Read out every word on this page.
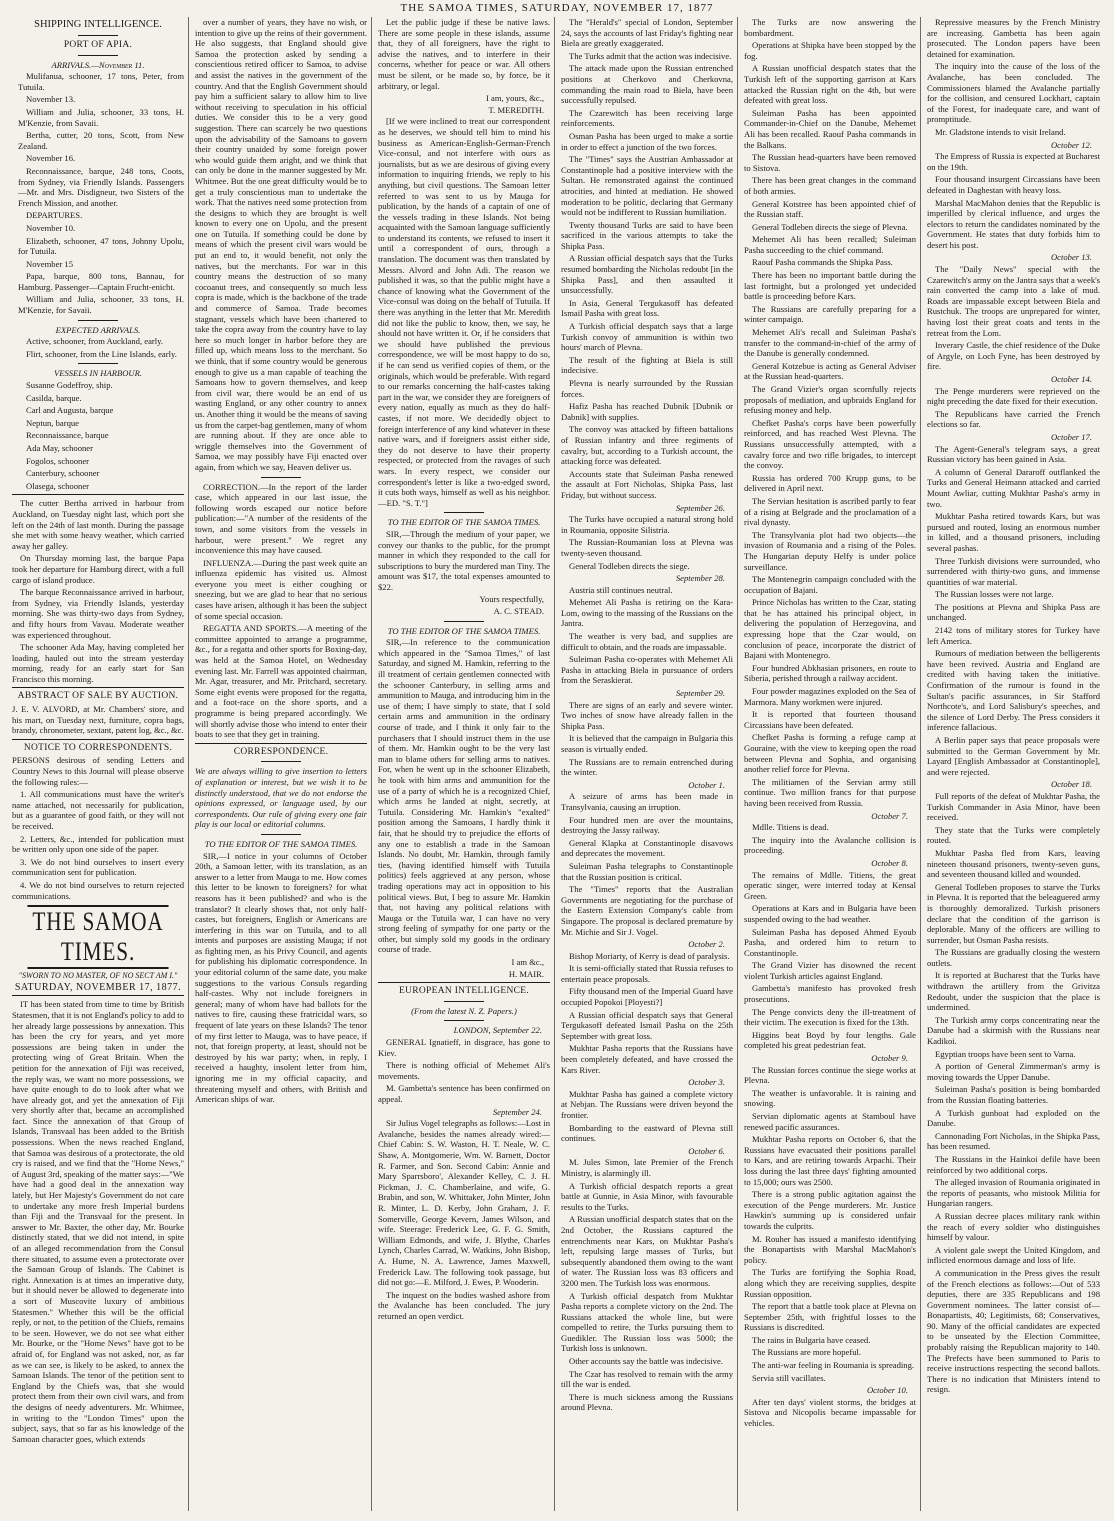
THE SAMOA TIMES, SATURDAY, NOVEMBER 17, 1877
SHIPPING INTELLIGENCE.
PORT OF APIA.
ARRIVALS.—November 11.

Mulifanua, schooner, 17 tons, Peter, from Tutuila.

November 13.

William and Julia, schooner, 33 tons, H. M'Kenzie, from Savaii.

Bertha, cutter, 20 tons, Scott, from New Zealand.

November 16.

Reconnaissance, barque, 248 tons, Coots, from Sydney, via Friendly Islands. Passengers—Mr. and Mrs. Disdigneur, two Sisters of the French Mission, and another.

DEPARTURES.

November 10.

Elizabeth, schooner, 47 tons, Johnny Upolu, for Tutuila.

November 15

Papa, barque, 800 tons, Bannau, for Hamburg. Passenger—Captain Frucht-enicht.

William and Julia, schooner, 33 tons, H. M'Kenzie, for Savaii.

EXPECTED ARRIVALS.

Active, schooner, from Auckland, early.

Flirt, schooner, from the Line Islands, early.

VESSELS IN HARBOUR.

Susanne Godeffroy, ship.

Casilda, barque.

Carl and Augusta, barque

Neptun, barque

Reconnaissance, barque

Ada May, schooner

Fogolos, schooner

Canterbury, schooner

Olasega, schooner

The cutter Bertha arrived in harbour from Auckland, on Tuesday night last, which port she left on the 24th of last month. During the passage she met with some heavy weather, which carried away her galley.

On Thursday morning last, the barque Papa took her departure for Hamburg direct, with a full cargo of island produce.

The barque Reconnaissance arrived in harbour, from Sydney, via Friendly Islands, yesterday morning. She was thirty-two days from Sydney, and fifty hours from Vavau. Moderate weather was experienced throughout.

The schooner Ada May, having completed her loading, hauled out into the stream yesterday morning, ready for an early start for San Francisco this morning.

ABSTRACT OF SALE BY AUCTION.

J. E. V. ALVORD, at Mr. Chambers' store, and his mart, on Tuesday next, furniture, copra bags, brandy, chronometer, sextant, patent log, &c., &c.

NOTICE TO CORRESPONDENTS.

PERSONS desirous of sending Letters and Country News to this Journal will please observe the following rules:—

1. All communications must have the writer's name attached, not necessarily for publication, but as a guarantee of good faith, or they will not be received.

2. Letters, &c., intended for publication must be written only upon one side of the paper.

3. We do not bind ourselves to insert every communication sent for publication.

4. We do not bind ourselves to return rejected communications.

THE SAMOA TIMES.
"SWORN TO NO MASTER, OF NO SECT AM I."
SATURDAY, NOVEMBER 17, 1877.

IT has been stated from time to time by British Statesmen, that it is not England's policy to add to her already large possessions by annexation. This has been the cry for years, and yet more possessions are being taken in under the protecting wing of Great Britain. When the petition for the annexation of Fiji was received, the reply was, we want no more possessions, we have quite enough to do to look after what we have already got, and yet the annexation of Fiji very shortly after that, became an accomplished fact. Since the annexation of that Group of Islands, Transvaal has been added to the British possessions. When the news reached England, that Samoa was desirous of a protectorate, the old cry is raised, and we find that the "Home News," of August 3rd, speaking of the matter says:—"We have had a good deal in the annexation way lately, but Her Majesty's Government do not care to undertake any more fresh Imperial burdens than Fiji and the Transvaal for the present. In answer to Mr. Baxter, the other day, Mr. Bourke distinctly stated, that we did not intend, in spite of an alleged recommendation from the Consul there situated, to assume even a protectorate over the Samoan Group of Islands. The Cabinet is right. Annexation is at times an imperative duty, but it should never be allowed to degenerate into a sort of Muscovite luxury of ambitious Statesmen." Whether this will be the official reply, or not, to the petition of the Chiefs, remains to be seen. However, we do not see what either Mr. Bourke, or the "Home News" have got to be afraid of, for England was not asked, nor, as far as we can see, is likely to be asked, to annex the Samoan Islands. The tenor of the petition sent to England by the Chiefs was, that she would protect them from their own civil wars, and from the designs of needy adventurers. Mr. Whitmee, in writing to the "London Times" upon the subject, says, that so far as his knowledge of the Samoan character goes, which extends

over a number of years, they have no wish, or intention to give up the reins of their government. He also suggests, that England should give Samoa the protection asked by sending a conscientious retired officer to Samoa, to advise and assist the natives in the government of the country. And that the English Government should pay him a sufficient salary to allow him to live without receiving to speculation in his official duties. We consider this to be a very good suggestion. There can scarcely be two questions upon the advisability of the Samoans to govern their country unaided by some foreign power who would guide them aright, and we think that can only be done in the manner suggested by Mr. Whitmee. But the one great difficulty would be to get a truly conscientious man to undertake the work. That the natives need some protection from the designs to which they are brought is well known to every one on Upolu, and the present one on Tutuila. If something could be done by means of which the present civil wars would be put an end to, it would benefit, not only the natives, but the merchants. For war in this country means the destruction of so many cocoanut trees, and consequently so much less copra is made, which is the backbone of the trade and commerce of Samoa. Trade becomes stagnant, vessels which have been chartered to take the copra away from the country have to lay here so much longer in harbor before they are filled up, which means loss to the merchant. So we think, that if some country would be generous enough to give us a man capable of teaching the Samoans how to govern themselves, and keep from civil war, there would be an end of us wasting England, or any other country to annex us. Another thing it would be the means of saving us from the carpet-bag gentlemen, many of whom are running about. If they are once able to wriggle themselves into the Government of Samoa, we may possibly have Fiji enacted over again, from which we say, Heaven deliver us.

CORRECTION.—In the report of the larder case, which appeared in our last issue, the following words escaped our notice before publication:—"A number of the residents of the town, and some visitors from the vessels in harbour, were present." We regret any inconvenience this may have caused.

INFLUENZA.—During the past week quite an influenza epidemic has visited us. Almost everyone you meet is either coughing or sneezing, but we are glad to hear that no serious cases have arisen, although it has been the subject of some special occasion.

REGATTA AND SPORTS.—A meeting of the committee appointed to arrange a programme, &c., for a regatta and other sports for Boxing-day, was held at the Samoa Hotel, on Wednesday evening last. Mr. Farrell was appointed chairman, Mr. Agar, treasurer, and Mr. Pritchard, secretary. Some eight events were proposed for the regatta, and a foot-race on the shore sports, and a programme is being prepared accordingly. We will shortly advise those who intend to enter their boats to see that they get in training.

CORRESPONDENCE.

We are always willing to give insertion to letters of explanation or interest, but we wish it to be distinctly understood, that we do not endorse the opinions expressed, or language used, by our correspondents. Our rule of giving every one fair play is our local or editorial columns.

TO THE EDITOR OF THE SAMOA TIMES.

SIR,—I notice in your columns of October 20th, a Samoan letter, with its translation, as an answer to a letter from Mauga to me. How comes this letter to be known to foreigners? for what reasons has it been published? and who is the translator? It clearly shows that, not only half-castes, but foreigners, English or Americans are interfering in this war on Tutuila, and to all intents and purposes are assisting Mauga; if not as fighting men, as his Privy Council, and agents for publishing his diplomatic correspondence. In your editorial column of the same date, you make suggestions to the various Consuls regarding half-castes. Why not include foreigners in general; many of whom have had ballots for the natives to fire, causing these fratricidal wars, so frequent of late years on these Islands? The tenor of my first letter to Mauga, was to have peace, if not, that foreign property, at least, should not be destroyed by his war party; when, in reply, I received a haughty, insolent letter from him, ignoring me in my official capacity, and threatening myself and others, with British and American ships of war.

Let the public judge if these be native laws. There are some people in these islands, assume that, they of all foreigners, have the right to advise the natives, and to interfere in their concerns, whether for peace or war. All others must be silent, or be made so, by force, be it arbitrary, or legal.

I am, yours, &c.,
T. MEREDITH.

[If we were inclined to treat our correspondent as he deserves, we should tell him to mind his business as American-English-German-French Vice-consul, and not interfere with ours as journalists, but as we are desirous of giving every information to inquiring friends, we reply to his anything, but civil questions. The Samoan letter referred to was sent to us by Mauga for publication, by the hands of a captain of one of the vessels trading in these Islands. Not being acquainted with the Samoan language sufficiently to understand its contents, we refused to insert it until a correspondent of ours, through a translation. The document was then translated by Messrs. Alvord and John Adi. The reason we published it was, so that the public might have a chance of knowing what the Government of the Vice-consul was doing on the behalf of Tutuila. If there was anything in the letter that Mr. Meredith did not like the public to know, then, we say, he should not have written it. Or, if he considers that we should have published the previous correspondence, we will be most happy to do so, if he can send us verified copies of them, or the originals, which would be preferable. With regard to our remarks concerning the half-castes taking part in the war, we consider they are foreigners of every nation, equally as much as they do half-castes, if not more. We decidedly object to foreign interference of any kind whatever in these native wars, and if foreigners assist either side, they do not deserve to have their property respected, or protected from the ravages of such wars. In every respect, we consider our correspondent's letter is like a two-edged sword, it cuts both ways, himself as well as his neighbor.—ED. "S. T."]

TO THE EDITOR OF THE SAMOA TIMES.

SIR,—Through the medium of your paper, we convey our thanks to the public, for the prompt manner in which they responded to the call for subscriptions to bury the murdered man Tiny. The amount was $17, the total expenses amounted to $22.

Yours respectfully,
A. C. STEAD.
TO THE EDITOR OF THE SAMOA TIMES.

SIR,—In reference to the communication which appeared in the "Samoa Times," of last Saturday, and signed M. Hamkin, referring to the ill treatment of certain gentlemen connected with the schooner Canterbury, in selling arms and ammunition to Mauga, and introducing him in the use of them; I have simply to state, that I sold certain arms and ammunition in the ordinary course of trade, and I think it only fair to the purchasers that I should instruct them in the use of them. Mr. Hamkin ought to be the very last man to blame others for selling arms to natives. For, when he went up in the schooner Elizabeth, he took with him arms and ammunition for the use of a party of which he is a recognized Chief, which arms he landed at night, secretly, at Tutuila. Considering Mr. Hamkin's "exalted" position among the Samoans, I hardly think it fair, that he should try to prejudice the efforts of any one to establish a trade in the Samoan Islands. No doubt, Mr. Hamkin, through family ties, (having identified himself with Tutuila politics) feels aggrieved at any person, whose trading operations may act in opposition to his political views. But, I beg to assure Mr. Hamkin that, not having any political relations with Mauga or the Tutuila war, I can have no very strong feeling of sympathy for one party or the other, but simply sold my goods in the ordinary course of trade.

I am &c.,
H. MAIR.
EUROPEAN INTELLIGENCE.
(From the latest N. Z. Papers.)
LONDON, September 22.

GENERAL Ignatieff, in disgrace, has gone to Kiev.

There is nothing official of Mehemet Ali's movements.

M. Gambetta's sentence has been confirmed on appeal.

September 24.

Sir Julius Vogel telegraphs as follows:—Lost in Avalanche, besides the names already wired:—Chief Cabin: S. W. Waston, H. T. Neale, W. C. Shaw, A. Montgomerie, Wm. W. Barnett, Doctor R. Farmer, and Son. Second Cabin: Annie and Mary Sparrsboro', Alexander Kelley, C. J. H. Pickman, J. C. Chamberlaine, and wife, G. Brabin, and son, W. Whittaker, John Minter, John R. Minter, L. D. Kerby, John Graham, J. F. Somerville, George Kevern, James Wilson, and wife. Steerage: Frederick Lee, G. F. G. Smith, William Edmonds, and wife, J. Blythe, Charles Lynch, Charles Carrad, W. Watkins, John Bishop, A. Hume, N. A. Lawrence, James Maxwell, Frederick Law. The following took passage, but did not go:—E. Milford, J. Ewes, P. Wooderin.

The inquest on the bodies washed ashore from the Avalanche has been concluded. The jury returned an open verdict.

The "Herald's" special of London, September 24, says the accounts of last Friday's fighting near Biela are greatly exaggerated.

The Turks admit that the action was indecisive.

The attack made upon the Russian entrenched positions at Cherkovo and Cherkovna, commanding the main road to Biela, have been successfully repulsed.

The Czarewitch has been receiving large reinforcements.

Osman Pasha has been urged to make a sortie in order to effect a junction of the two forces.

The "Times" says the Austrian Ambassador at Constantinople had a positive interview with the Sultan. He remonstrated against the continued atrocities, and hinted at mediation. He showed moderation to be politic, declaring that Germany would not be indifferent to Russian humiliation.

Twenty thousand Turks are said to have been sacrificed in the various attempts to take the Shipka Pass.

A Russian official despatch says that the Turks resumed bombarding the Nicholas redoubt [in the Shipka Pass], and then assaulted it unsuccessfully.

In Asia, General Tergukasoff has defeated Ismail Pasha with great loss.

A Turkish official despatch says that a large Turkish convoy of ammunition is within two hours' march of Plevna.

The result of the fighting at Biela is still indecisive.

Plevna is nearly surrounded by the Russian forces.

Hafiz Pasha has reached Dubnik [Dubnik or Dabnik] with supplies.

The convoy was attacked by fifteen battalions of Russian infantry and three regiments of cavalry, but, according to a Turkish account, the attacking force was defeated.

Accounts state that Suleiman Pasha renewed the assault at Fort Nicholas, Shipka Pass, last Friday, but without success.

September 26.

The Turks have occupied a natural strong hold in Roumania, opposite Silistria.

The Russian-Roumanian loss at Plevna was twenty-seven thousand.

General Todleben directs the siege.

September 28.

Austria still continues neutral.

Mehemet Ali Pasha is retiring on the Kara-Lom, owing to the massing of the Russians on the Jantra.

The weather is very bad, and supplies are difficult to obtain, and the roads are impassable.

Suleiman Pasha co-operates with Mehemet Ali Pasha in attacking Biela in pursuance of orders from the Seraskierat.

September 29.

There are signs of an early and severe winter. Two inches of snow have already fallen in the Shipka Pass.

It is believed that the campaign in Bulgaria this season is virtually ended.

The Russians are to remain entrenched during the winter.

October 1.

A seizure of arms has been made in Transylvania, causing an irruption.

Four hundred men are over the mountains, destroying the Jassy railway.

General Klapka at Constantinople disavows and deprecates the movement.

Suleiman Pasha telegraphs to Constantinople that the Russian position is critical.

The "Times" reports that the Australian Governments are negotiating for the purchase of the Eastern Extension Company's cable from Singapore. The proposal is declared premature by Mr. Michie and Sir J. Vogel.

October 2.

Bishop Moriarty, of Kerry is dead of paralysis.

It is semi-officially stated that Russia refuses to entertain peace proposals.

Fifty thousand men of the Imperial Guard have occupied Popokoi [Ployesti?]

A Russian official despatch says that General Tergukasoff defeated Ismail Pasha on the 25th September with great loss.

Mukhtar Pasha reports that the Russians have been completely defeated, and have crossed the Kars River.

October 3.

Mukhtar Pasha has gained a complete victory at Nebjan. The Russians were driven beyond the frontier.

Bombarding to the eastward of Plevna still continues.

October 6.

M. Jules Simon, late Premier of the French Ministry, is alarmingly ill.

A Turkish official despatch reports a great battle at Gunnie, in Asia Minor, with favourable results to the Turks.

A Russian unofficial despatch states that on the 2nd October, the Russians captured the entrenchments near Kars, on Mukhtar Pasha's left, repulsing large masses of Turks, but subsequently abandoned them owing to the want of water. The Russian loss was 83 officers and 3200 men. The Turkish loss was enormous.

A Turkish official despatch from Mukhtar Pasha reports a complete victory on the 2nd. The Russians attacked the whole line, but were compelled to retire, the Turks pursuing them to Guedikler. The Russian loss was 5000; the Turkish loss is unknown.

Other accounts say the battle was indecisive.

The Czar has resolved to remain with the army till the war is ended.

There is much sickness among the Russians around Plevna.

The Turks are now answering the bombardment.

Operations at Shipka have been stopped by the fog.

A Russian unofficial despatch states that the Turkish left of the supporting garrison at Kars attacked the Russian right on the 4th, but were defeated with great loss.

Suleiman Pasha has been appointed Commander-in-Chief on the Danube, Mehemet Ali has been recalled. Raouf Pasha commands in the Balkans.

The Russian head-quarters have been removed to Sistova.

There has been great changes in the command of both armies.

General Kotstree has been appointed chief of the Russian staff.

General Todleben directs the siege of Plevna.

Mehemet Ali has been recalled; Suleiman Pasha succeeding to the chief command.

Raouf Pasha commands the Shipka Pass.

There has been no important battle during the last fortnight, but a prolonged yet undecided battle is proceeding before Kars.

The Russians are carefully preparing for a winter campaign.

Mehemet Ali's recall and Suleiman Pasha's transfer to the command-in-chief of the army of the Danube is generally condemned.

General Kotzebue is acting as General Adviser at the Russian head-quarters.

The Grand Vizier's organ scornfully rejects proposals of mediation, and upbraids England for refusing money and help.

Chefket Pasha's corps have been powerfully reinforced, and has reached West Plevna. The Russians unsuccessfully attempted, with a cavalry force and two rifle brigades, to intercept the convoy.

Russia has ordered 700 Krupp guns, to be delivered in April next.

The Servian hesitation is ascribed partly to fear of a rising at Belgrade and the proclamation of a rival dynasty.

The Transylvania plot had two objects—the invasion of Roumania and a rising of the Poles. The Hungarian deputy Helfy is under police surveillance.

The Montenegrin campaign concluded with the occupation of Bajani.

Prince Nicholas has written to the Czar, stating that he has attained his principal object, in delivering the population of Herzegovina, and expressing hope that the Czar would, on conclusion of peace, incorporate the district of Bajani with Montenegro.

Four hundred Abkhasian prisoners, en route to Siberia, perished through a railway accident.

Four powder magazines exploded on the Sea of Marmora. Many workmen were injured.

It is reported that fourteen thousand Circassians have been defeated.

Chefket Pasha is forming a refuge camp at Gouraine, with the view to keeping open the road between Plevna and Sophia, and organising another relief force for Plevna.

The militiamen of the Servian army still continue. Two million francs for that purpose having been received from Russia.

October 7.

Mdlle. Titiens is dead.

The inquiry into the Avalanche collision is proceeding.

October 8.

The remains of Mdlle. Titiens, the great operatic singer, were interred today at Kensal Green.

Operations at Kars and in Bulgaria have been suspended owing to the bad weather.

Suleiman Pasha has deposed Ahmed Eyoub Pasha, and ordered him to return to Constantinople.

The Grand Vizier has disowned the recent violent Turkish articles against England.

Gambetta's manifesto has provoked fresh prosecutions.

The Penge convicts deny the ill-treatment of their victim. The execution is fixed for the 13th.

Higgins beat Boyd by four lengths. Gale completed his great pedestrian feat.

October 9.

The Russian forces continue the siege works at Plevna.

The weather is unfavorable. It is raining and snowing.

Servian diplomatic agents at Stamboul have renewed pacific assurances.

Mukhtar Pasha reports on October 6, that the Russians have evacuated their positions parallel to Kars, and are retiring towards Arpachi. Their loss during the last three days' fighting amounted to 15,000; ours was 2500.

There is a strong public agitation against the execution of the Penge murderers. Mr. Justice Hawkin's summing up is considered unfair towards the culprits.

M. Rouher has issued a manifesto identifying the Bonapartists with Marshal MacMahon's policy.

The Turks are fortifying the Sophia Road, along which they are receiving supplies, despite Russian opposition.

The report that a battle took place at Plevna on September 25th, with frightful losses to the Russians is discredited.

The rains in Bulgaria have ceased.

The Russians are more hopeful.

The anti-war feeling in Roumania is spreading.

Servia still vacillates.

October 10.

After ten days' violent storms, the bridges at Sistova and Nicopolis became impassable for vehicles.

Repressive measures by the French Ministry are increasing. Gambetta has been again prosecuted. The London papers have been detained for examination.

The inquiry into the cause of the loss of the Avalanche, has been concluded. The Commissioners blamed the Avalanche partially for the collision, and censured Lockhart, captain of the Forest, for inadequate care, and want of promptitude.

Mr. Gladstone intends to visit Ireland.

October 12.

The Empress of Russia is expected at Bucharest on the 19th.

Four thousand insurgent Circassians have been defeated in Daghestan with heavy loss.

Marshal MacMahon denies that the Republic is imperilled by clerical influence, and urges the electors to return the candidates nominated by the Government. He states that duty forbids him to desert his post.

October 13.

The "Daily News" special with the Czarewitch's army on the Jantra says that a week's rain converted the camp into a lake of mud. Roads are impassable except between Biela and Rustchuk. The troops are unprepared for winter, having lost their great coats and tents in the retreat from the Lom.

Inverary Castle, the chief residence of the Duke of Argyle, on Loch Fyne, has been destroyed by fire.

October 14.

The Penge murderers were reprieved on the night preceding the date fixed for their execution.

The Republicans have carried the French elections so far.

October 17.

The Agent-General's telegram says, a great Russian victory has been gained in Asia.

A column of General Dararoff outflanked the Turks and General Heimann attacked and carried Mount Awliar, cutting Mukhtar Pasha's army in two.

Mukhtar Pasha retired towards Kars, but was pursued and routed, losing an enormous number in killed, and a thousand prisoners, including several pashas.

Three Turkish divisions were surrounded, who surrendered with thirty-two guns, and immense quantities of war material.

The Russian losses were not large.

The positions at Plevna and Shipka Pass are unchanged.

2142 tons of military stores for Turkey have left America.

Rumours of mediation between the belligerents have been revived. Austria and England are credited with having taken the initiative. Confirmation of the rumour is found in the Sultan's pacific assurances, in Sir Stafford Northcote's, and Lord Salisbury's speeches, and the silence of Lord Derby. The Press considers it inference fallacious.

A Berlin paper says that peace proposals were submitted to the German Government by Mr. Layard [English Ambassador at Constantinople], and were rejected.

October 18.

Full reports of the defeat of Mukhtar Pasha, the Turkish Commander in Asia Minor, have been received.

They state that the Turks were completely routed.

Mukhtar Pasha fled from Kars, leaving nineteen thousand prisoners, twenty-seven guns, and seventeen thousand killed and wounded.

General Todleben proposes to starve the Turks in Plevna. It is reported that the beleaguered army is thoroughly demoralized. Turkish prisoners declare that the condition of the garrison is deplorable. Many of the officers are willing to surrender, but Osman Pasha resists.

The Russians are gradually closing the western outlets.

It is reported at Bucharest that the Turks have withdrawn the artillery from the Grivitza Redoubt, under the suspicion that the place is undermined.

The Turkish army corps concentrating near the Danube had a skirmish with the Russians near Kadikoi.

Egyptian troops have been sent to Varna.

A portion of General Zimmerman's army is moving towards the Upper Danube.

Suleiman Pasha's position is being bombarded from the Russian floating batteries.

A Turkish gunboat had exploded on the Danube.

Cannonading Fort Nicholas, in the Shipka Pass, has been resumed.

The Russians in the Hainkoi defile have been reinforced by two additional corps.

The alleged invasion of Roumania originated in the reports of peasants, who mistook Militia for Hungarian rangers.

A Russian decree places military rank within the reach of every soldier who distinguishes himself by valour.

A violent gale swept the United Kingdom, and inflicted enormous damage and loss of life.

A communication in the Press gives the result of the French elections as follows:—Out of 533 deputies, there are 335 Republicans and 198 Government nominees. The latter consist of—Bonapartists, 40; Legitimists, 68; Conservatives, 90. Many of the official candidates are expected to be unseated by the Election Committee, probably raising the Republican majority to 140. The Prefects have been summoned to Paris to receive instructions respecting the second ballots. There is no indication that Ministers intend to resign.
